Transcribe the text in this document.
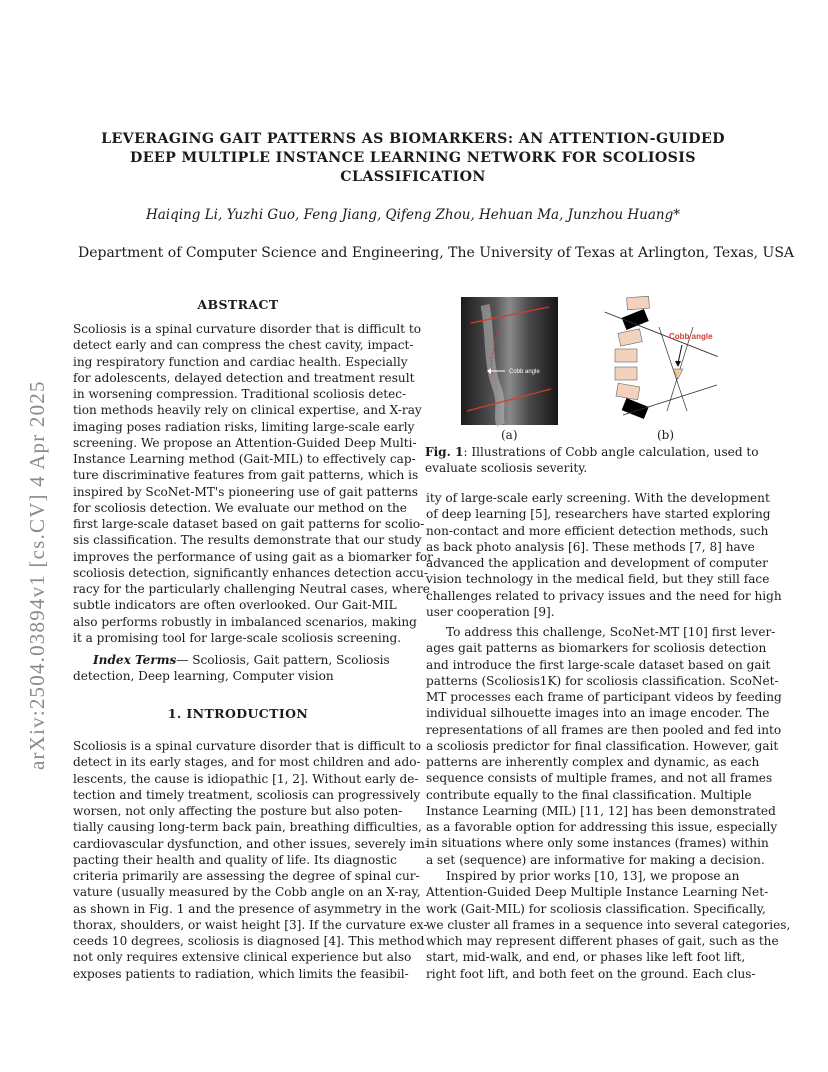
arXiv:2504.03894v1 [cs.CV] 4 Apr 2025
LEVERAGING GAIT PATTERNS AS BIOMARKERS: AN ATTENTION-GUIDED
DEEP MULTIPLE INSTANCE LEARNING NETWORK FOR SCOLIOSIS
CLASSIFICATION
Haiqing Li, Yuzhi Guo, Feng Jiang, Qifeng Zhou, Hehuan Ma, Junzhou Huang*
Department of Computer Science and Engineering, The University of Texas at Arlington, Texas, USA
ABSTRACT
Scoliosis is a spinal curvature disorder that is difficult to
detect early and can compress the chest cavity, impact-
ing respiratory function and cardiac health. Especially
for adolescents, delayed detection and treatment result
in worsening compression. Traditional scoliosis detec-
tion methods heavily rely on clinical expertise, and X-ray
imaging poses radiation risks, limiting large-scale early
screening. We propose an Attention-Guided Deep Multi-
Instance Learning method (Gait-MIL) to effectively cap-
ture discriminative features from gait patterns, which is
inspired by ScoNet-MT's pioneering use of gait patterns
for scoliosis detection. We evaluate our method on the
first large-scale dataset based on gait patterns for scolio-
sis classification. The results demonstrate that our study
improves the performance of using gait as a biomarker for
scoliosis detection, significantly enhances detection accu-
racy for the particularly challenging Neutral cases, where
subtle indicators are often overlooked. Our Gait-MIL
also performs robustly in imbalanced scenarios, making
it a promising tool for large-scale scoliosis screening.
Index Terms— Scoliosis, Gait pattern, Scoliosis
detection, Deep learning, Computer vision
1. INTRODUCTION
Scoliosis is a spinal curvature disorder that is difficult to
detect in its early stages, and for most children and ado-
lescents, the cause is idiopathic [1, 2]. Without early de-
tection and timely treatment, scoliosis can progressively
worsen, not only affecting the posture but also poten-
tially causing long-term back pain, breathing difficulties,
cardiovascular dysfunction, and other issues, severely im-
pacting their health and quality of life. Its diagnostic
criteria primarily are assessing the degree of spinal cur-
vature (usually measured by the Cobb angle on an X-ray,
as shown in Fig. 1 and the presence of asymmetry in the
thorax, shoulders, or waist height [3]. If the curvature ex-
ceeds 10 degrees, scoliosis is diagnosed [4]. This method
not only requires extensive clinical experience but also
exposes patients to radiation, which limits the feasibil-
Cobb angle
(a)
Cobb angle
(b)
Fig. 1: Illustrations of Cobb angle calculation, used to
evaluate scoliosis severity.
ity of large-scale early screening. With the development
of deep learning [5], researchers have started exploring
non-contact and more efficient detection methods, such
as back photo analysis [6]. These methods [7, 8] have
advanced the application and development of computer
vision technology in the medical field, but they still face
challenges related to privacy issues and the need for high
user cooperation [9].
To address this challenge, ScoNet-MT [10] first lever-
ages gait patterns as biomarkers for scoliosis detection
and introduce the first large-scale dataset based on gait
patterns (Scoliosis1K) for scoliosis classification. ScoNet-
MT processes each frame of participant videos by feeding
individual silhouette images into an image encoder. The
representations of all frames are then pooled and fed into
a scoliosis predictor for final classification. However, gait
patterns are inherently complex and dynamic, as each
sequence consists of multiple frames, and not all frames
contribute equally to the final classification. Multiple
Instance Learning (MIL) [11, 12] has been demonstrated
as a favorable option for addressing this issue, especially
in situations where only some instances (frames) within
a set (sequence) are informative for making a decision.
Inspired by prior works [10, 13], we propose an
Attention-Guided Deep Multiple Instance Learning Net-
work (Gait-MIL) for scoliosis classification. Specifically,
we cluster all frames in a sequence into several categories,
which may represent different phases of gait, such as the
start, mid-walk, and end, or phases like left foot lift,
right foot lift, and both feet on the ground. Each clus-
